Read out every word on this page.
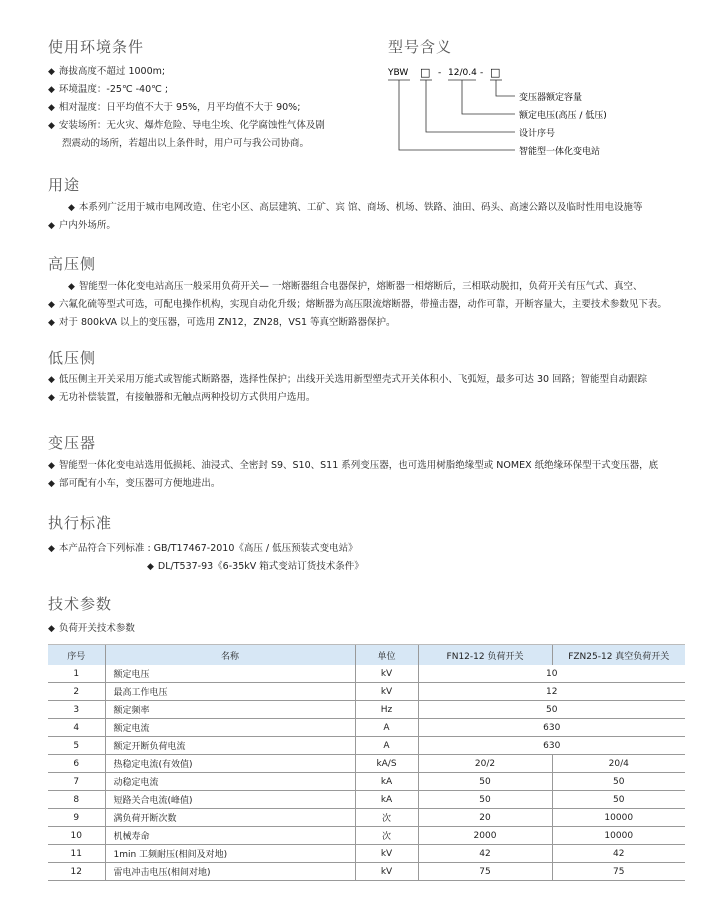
使用环境条件
◆ 海拔高度不超过 1000m;
◆ 环境温度：-25℃ -40℃ ;
◆ 相对湿度：日平均值不大于 95%，月平均值不大于 90%;
◆ 安装场所：无火灾、爆炸危险、导电尘埃、化学腐蚀性气体及剧
烈震动的场所，若超出以上条件时，用户可与我公司协商。
型号含义
YBW □ - 12/0.4 - □
变压器额定容量
额定电压(高压 / 低压)
设计序号
智能型一体化变电站
用途
◆ 本系列广泛用于城市电网改造、住宅小区、高层建筑、工矿、宾 馆、商场、机场、铁路、油田、码头、高速公路以及临时性用电设施等
◆ 户内外场所。
高压侧
◆ 智能型一体化变电站高压一般采用负荷开关— 一熔断器组合电器保护，熔断器一相熔断后，三相联动脱扣，负荷开关有压气式、真空、
◆ 六氟化硫等型式可选，可配电操作机构，实现自动化升级；熔断器为高压限流熔断器，带撞击器，动作可靠，开断容量大，主要技术参数见下表。
◆ 对于 800kVA 以上的变压器，可选用 ZN12，ZN28，VS1 等真空断路器保护。
低压侧
◆ 低压侧主开关采用万能式或智能式断路器，选择性保护；出线开关选用新型塑壳式开关体积小、飞弧短，最多可达 30 回路；智能型自动跟踪
◆ 无功补偿装置，有接触器和无触点两种投切方式供用户选用。
变压器
◆ 智能型一体化变电站选用低损耗、油浸式、全密封 S9、S10、S11 系列变压器，也可选用树脂绝缘型或 NOMEX 纸绝缘环保型干式变压器，底
◆ 部可配有小车，变压器可方便地进出。
执行标准
◆ 本产品符合下列标准 : GB/T17467-2010《高压 / 低压预装式变电站》
◆ DL/T537-93《6-35kV 箱式变站订货技术条件》
技术参数
◆ 负荷开关技术参数
序号	名称	单位	FN12-12 负荷开关	FZN25-12 真空负荷开关
1	额定电压	kV	10	
2	最高工作电压	kV	12	
3	额定频率	Hz	50	
4	额定电流	A	630	
5	额定开断负荷电流	A	630	
6	热稳定电流(有效值)	kA/S	20/2	20/4
7	动稳定电流	kA	50	50
8	短路关合电流(峰值)	kA	50	50
9	满负荷开断次数	次	20	10000
10	机械寿命	次	2000	10000
11	1min 工频耐压(相间及对地)	kV	42	42
12	雷电冲击电压(相间对地)	kV	75	75
